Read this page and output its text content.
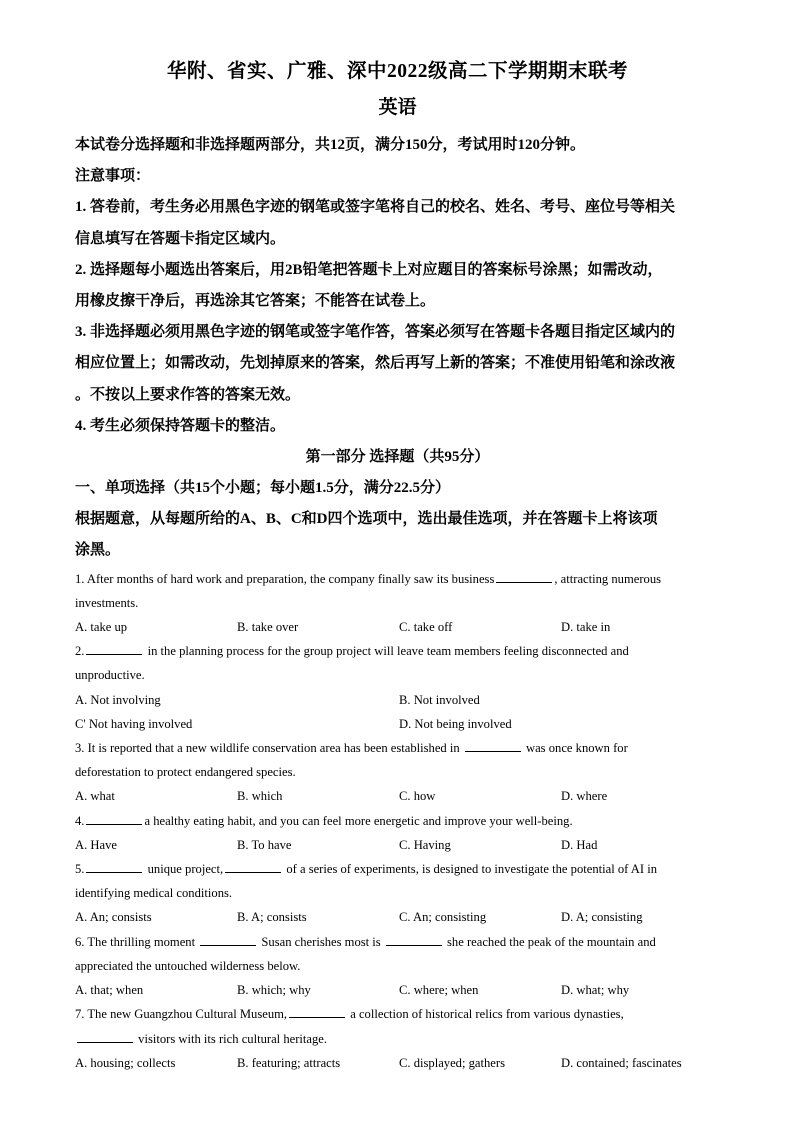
华附、省实、广雅、深中2022级高二下学期期末联考
英语
本试卷分选择题和非选择题两部分，共12页，满分150分，考试用时120分钟。
注意事项：
1. 答卷前，考生务必用黑色字迹的钢笔或签字笔将自己的校名、姓名、考号、座位号等相关
信息填写在答题卡指定区域内。
2. 选择题每小题选出答案后，用2B铅笔把答题卡上对应题目的答案标号涂黑；如需改动，
用橡皮擦干净后，再选涂其它答案；不能答在试卷上。
3. 非选择题必须用黑色字迹的钢笔或签字笔作答，答案必须写在答题卡各题目指定区域内的
相应位置上；如需改动，先划掉原来的答案，然后再写上新的答案；不准使用铅笔和涂改液
。不按以上要求作答的答案无效。
4. 考生必须保持答题卡的整洁。
第一部分 选择题（共95分）
一、单项选择（共15个小题；每小题1.5分，满分22.5分）
根据题意，从每题所给的A、B、C和D四个选项中，选出最佳选项，并在答题卡上将该项
涂黑。
1. After months of hard work and preparation, the company finally saw its business	, attracting numerous
investments.
A. take up	B. take over	C. take off	D. take in
2.	in the planning process for the group project will leave team members feeling disconnected and
unproductive.
A. Not involving	B. Not involved
C' Not having involved	D. Not being involved
3. It is reported that a new wildlife conservation area has been established in	was once known for
deforestation to protect endangered species.
A. what	B. which	C. how	D. where
4.	a healthy eating habit, and you can feel more energetic and improve your well-being.
A. Have	B. To have	C. Having	D. Had
5.	unique project,	of a series of experiments, is designed to investigate the potential of AI in
identifying medical conditions.
A. An; consists	B. A; consists	C. An; consisting	D. A; consisting
6. The thrilling moment	Susan cherishes most is	she reached the peak of the mountain and
appreciated the untouched wilderness below.
A. that; when	B. which; why	C. where; when	D. what; why
7. The new Guangzhou Cultural Museum,	a collection of historical relics from various dynasties,
visitors with its rich cultural heritage.
A. housing; collects	B. featuring; attracts	C. displayed; gathers	D. contained; fascinates
